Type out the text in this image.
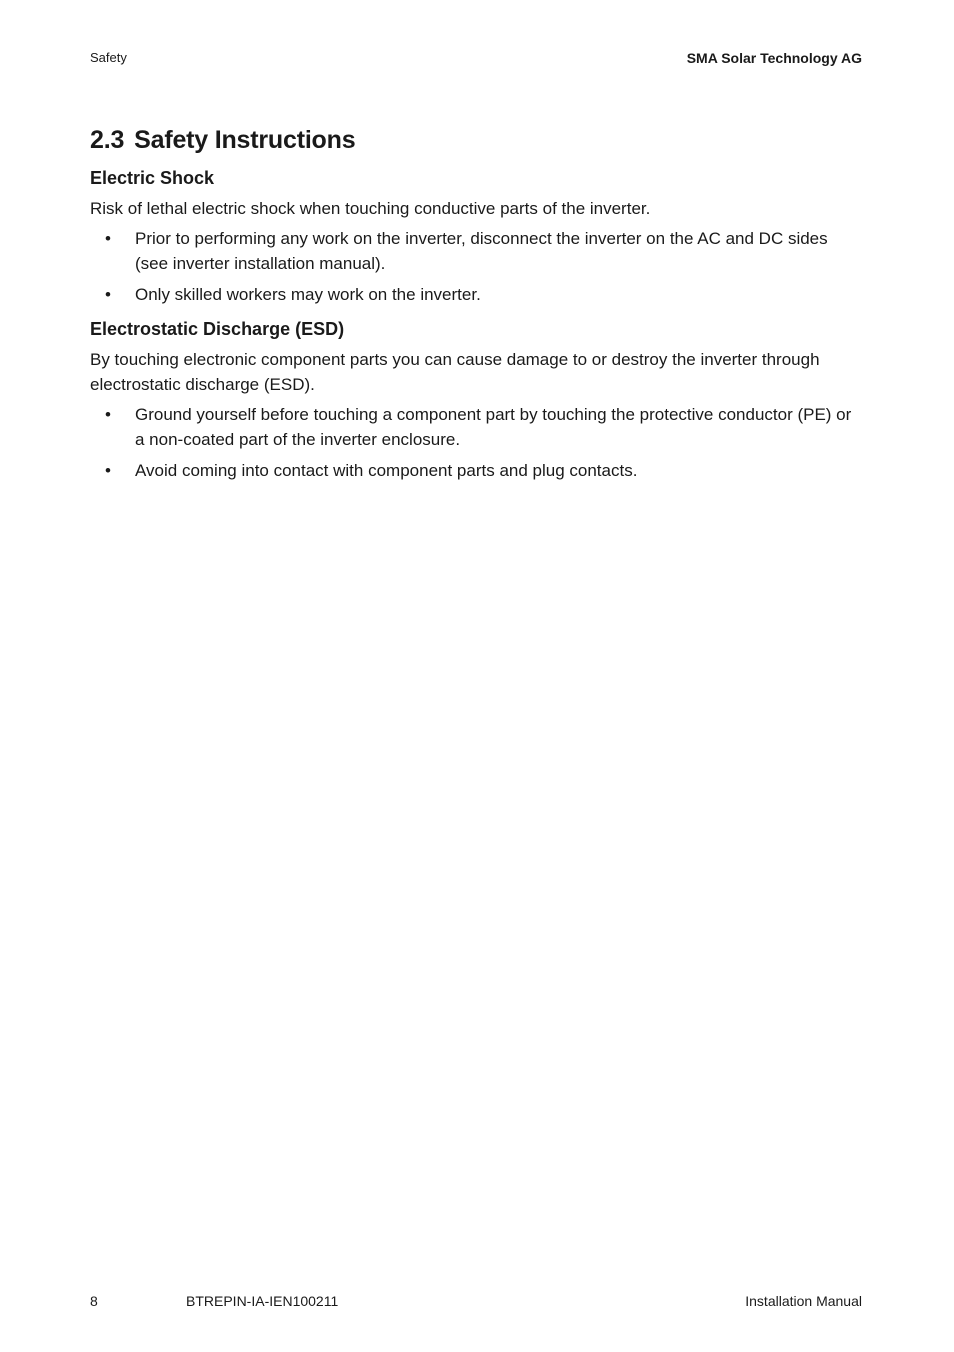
Safety	SMA Solar Technology AG
2.3 Safety Instructions
Electric Shock

Risk of lethal electric shock when touching conductive parts of the inverter.

• Prior to performing any work on the inverter, disconnect the inverter on the AC and DC sides (see inverter installation manual).
• Only skilled workers may work on the inverter.
Electrostatic Discharge (ESD)

By touching electronic component parts you can cause damage to or destroy the inverter through electrostatic discharge (ESD).

• Ground yourself before touching a component part by touching the protective conductor (PE) or a non-coated part of the inverter enclosure.
• Avoid coming into contact with component parts and plug contacts.
8	BTREPIN-IA-IEN100211	Installation Manual
